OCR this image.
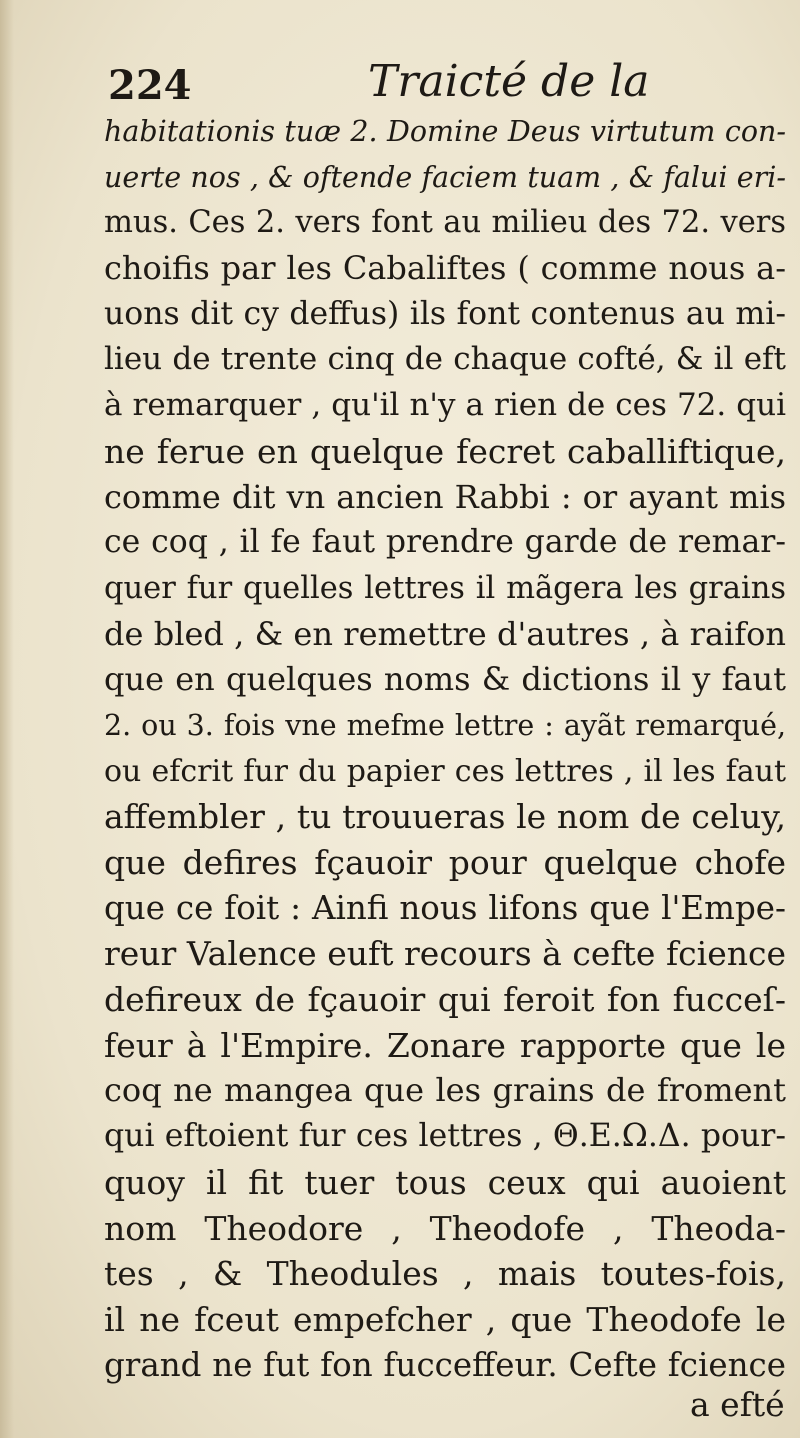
224	Traicté de la
habitationis tuæ 2. Domine Deus virtutum con-
uerte nos , & oftende faciem tuam , & falui eri-
mus. Ces 2. vers font au milieu des 72. vers
choifis par les Cabaliftes ( comme nous a-
uons dit cy deffus) ils font contenus au mi-
lieu de trente cinq de chaque cofté, & il eft
à remarquer , qu'il n'y a rien de ces 72. qui
ne ferue en quelque fecret caballiftique,
comme dit vn ancien Rabbi : or ayant mis
ce coq , il fe faut prendre garde de remar-
quer fur quelles lettres il mãgera les grains
de bled , & en remettre d'autres , à raifon
que en quelques noms & dictions il y faut
2. ou 3. fois vne mefme lettre : ayãt remarqué,
ou efcrit fur du papier ces lettres , il les faut
affembler , tu trouueras le nom de celuy,
que defires fçauoir pour quelque chofe
que ce foit : Ainfi nous lifons que l'Empe-
reur Valence euft recours à cefte fcience
defireux de fçauoir qui feroit fon fucceſ-
feur à l'Empire. Zonare rapporte que le
coq ne mangea que les grains de froment
qui eftoient fur ces lettres , Θ.Ε.Ω.Δ. pour-
quoy il fit tuer tous ceux qui auoient
nom Theodore , Theodofe , Theoda-
tes , & Theodules , mais toutes-fois,
il ne fceut empefcher , que Theodofe le
grand ne fut fon fucceffeur. Cefte fcience
a efté
